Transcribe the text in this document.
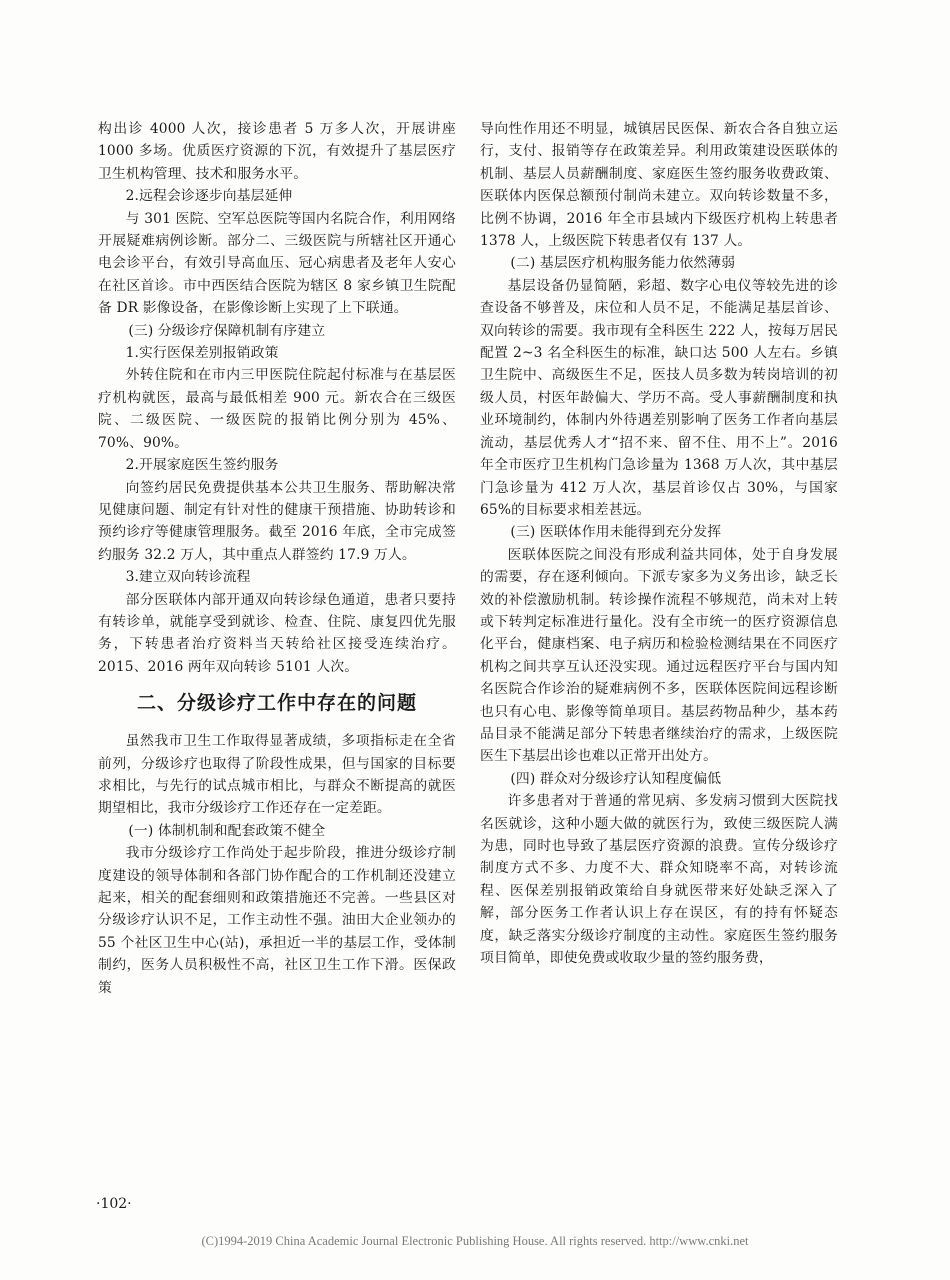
构出诊 4000 人次，接诊患者 5 万多人次，开展讲座 1000 多场。优质医疗资源的下沉，有效提升了基层医疗卫生机构管理、技术和服务水平。

2.远程会诊逐步向基层延伸

与 301 医院、空军总医院等国内名院合作，利用网络开展疑难病例诊断。部分二、三级医院与所辖社区开通心电会诊平台，有效引导高血压、冠心病患者及老年人安心在社区首诊。市中西医结合医院为辖区 8 家乡镇卫生院配备 DR 影像设备，在影像诊断上实现了上下联通。

(三) 分级诊疗保障机制有序建立

1.实行医保差别报销政策

外转住院和在市内三甲医院住院起付标准与在基层医疗机构就医，最高与最低相差 900 元。新农合在三级医院、二级医院、一级医院的报销比例分别为 45%、70%、90%。

2.开展家庭医生签约服务

向签约居民免费提供基本公共卫生服务、帮助解决常见健康问题、制定有针对性的健康干预措施、协助转诊和预约诊疗等健康管理服务。截至 2016 年底，全市完成签约服务 32.2 万人，其中重点人群签约 17.9 万人。

3.建立双向转诊流程

部分医联体内部开通双向转诊绿色通道，患者只要持有转诊单，就能享受到就诊、检查、住院、康复四优先服务，下转患者治疗资料当天转给社区接受连续治疗。2015、2016 两年双向转诊 5101 人次。

二、分级诊疗工作中存在的问题

虽然我市卫生工作取得显著成绩，多项指标走在全省前列，分级诊疗也取得了阶段性成果，但与国家的目标要求相比，与先行的试点城市相比，与群众不断提高的就医期望相比，我市分级诊疗工作还存在一定差距。

(一) 体制机制和配套政策不健全

我市分级诊疗工作尚处于起步阶段，推进分级诊疗制度建设的领导体制和各部门协作配合的工作机制还没建立起来，相关的配套细则和政策措施还不完善。一些县区对分级诊疗认识不足，工作主动性不强。油田大企业领办的 55 个社区卫生中心(站)，承担近一半的基层工作，受体制制约，医务人员积极性不高，社区卫生工作下滑。医保政策

导向性作用还不明显，城镇居民医保、新农合各自独立运行，支付、报销等存在政策差异。利用政策建设医联体的机制、基层人员薪酬制度、家庭医生签约服务收费政策、医联体内医保总额预付制尚未建立。双向转诊数量不多，比例不协调，2016 年全市县域内下级医疗机构上转患者 1378 人，上级医院下转患者仅有 137 人。

(二) 基层医疗机构服务能力依然薄弱

基层设备仍显简陋，彩超、数字心电仪等较先进的诊查设备不够普及，床位和人员不足，不能满足基层首诊、双向转诊的需要。我市现有全科医生 222 人，按每万居民配置 2~3 名全科医生的标准，缺口达 500 人左右。乡镇卫生院中、高级医生不足，医技人员多数为转岗培训的初级人员，村医年龄偏大、学历不高。受人事薪酬制度和执业环境制约，体制内外待遇差别影响了医务工作者向基层流动，基层优秀人才“招不来、留不住、用不上”。2016 年全市医疗卫生机构门急诊量为 1368 万人次，其中基层门急诊量为 412 万人次，基层首诊仅占 30%，与国家 65%的目标要求相差甚远。

(三) 医联体作用未能得到充分发挥

医联体医院之间没有形成利益共同体，处于自身发展的需要，存在逐利倾向。下派专家多为义务出诊，缺乏长效的补偿激励机制。转诊操作流程不够规范，尚未对上转或下转判定标准进行量化。没有全市统一的医疗资源信息化平台，健康档案、电子病历和检验检测结果在不同医疗机构之间共享互认还没实现。通过远程医疗平台与国内知名医院合作诊治的疑难病例不多，医联体医院间远程诊断也只有心电、影像等简单项目。基层药物品种少，基本药品目录不能满足部分下转患者继续治疗的需求，上级医院医生下基层出诊也难以正常开出处方。

(四) 群众对分级诊疗认知程度偏低

许多患者对于普通的常见病、多发病习惯到大医院找名医就诊，这种小题大做的就医行为，致使三级医院人满为患，同时也导致了基层医疗资源的浪费。宣传分级诊疗制度方式不多、力度不大、群众知晓率不高，对转诊流程、医保差别报销政策给自身就医带来好处缺乏深入了解，部分医务工作者认识上存在误区，有的持有怀疑态度，缺乏落实分级诊疗制度的主动性。家庭医生签约服务项目简单，即使免费或收取少量的签约服务费，

·102·
(C)1994-2019 China Academic Journal Electronic Publishing House. All rights reserved. http://www.cnki.net
